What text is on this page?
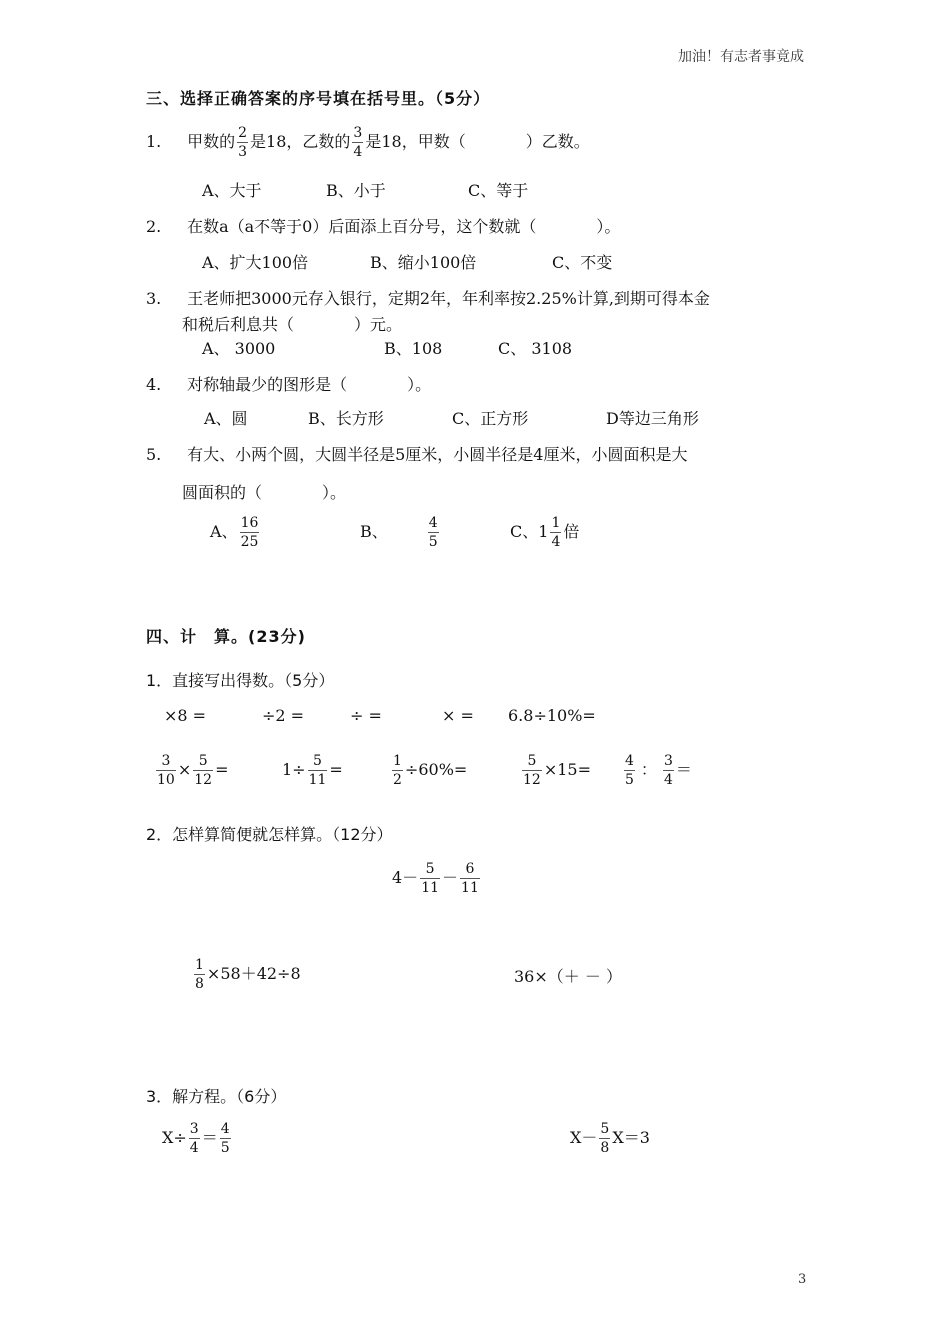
加油！有志者事竟成
三、选择正确答案的序号填在括号里。（5分）
1. 甲数的 $\frac{2}{3}$ 是18，乙数的 $\frac{3}{4}$ 是18，甲数（	）乙数。
A、大于	B、小于	C、等于
2. 在数a（a不等于0）后面添上百分号，这个数就（	）。
A、扩大100倍	B、缩小100倍	C、不变
3. 王老师把3000元存入银行，定期2年，年利率按2.25%计算,到期可得本金
和税后利息共（	）元。
A、 3000	B、108	C、 3108
4. 对称轴最少的图形是（	）。
A、圆	B、长方形	C、正方形	D等边三角形
5. 有大、小两个圆，大圆半径是5厘米，小圆半径是4厘米，小圆面积是大
圆面积的（	）。
A、 $\frac{16}{25}$	B、	$\frac{4}{5}$	C、$1 \frac{1}{4}$ 倍
四、计　算。(23分)
1．直接写出得数。（5分）
×8 =	÷2 =	÷ =	× = 6.8÷10%=
$\frac{3}{10} \times \frac{5}{12}$ =	$1\div \frac{5}{11}$ =	$\frac{1}{2} \div 60\%=$	$\frac{5}{12} \times 15= \frac{4}{5}$ ： $\frac{3}{4}$ ＝
2．怎样算简便就怎样算。（12分）
$4- \frac{5}{11} - \frac{6}{11}$
$\frac{1}{8} \times 58+42\div 8$	36×（＋ － ）
3．解方程。（6分）
$X\div \frac{3}{4} = \frac{4}{5}$	$X- \frac{5}{8} X=3$
3
